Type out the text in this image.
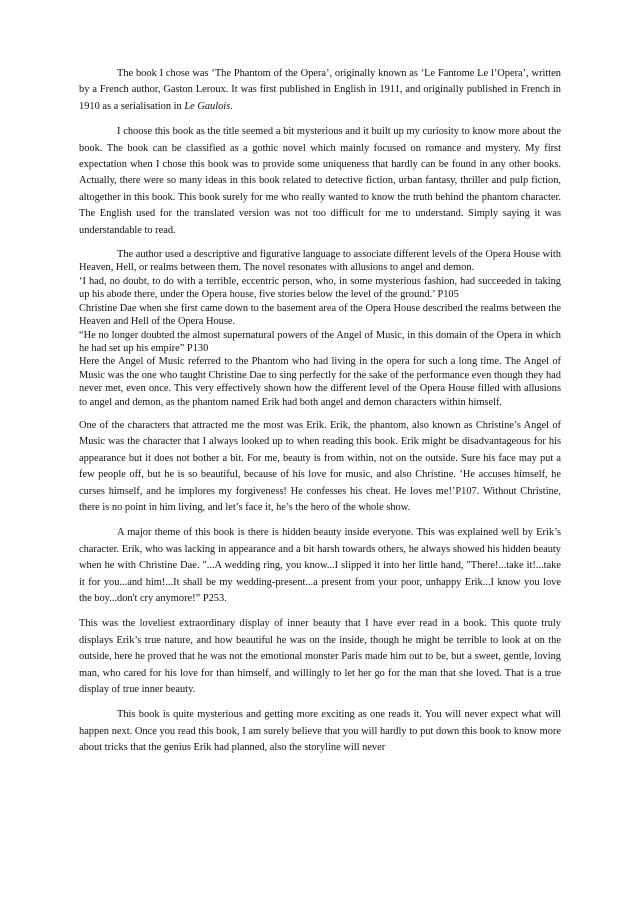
The book I chose was ‘The Phantom of the Opera’, originally known as ‘Le Fantome Le l’Opera’, written by a French author, Gaston Leroux. It was first published in English in 1911, and originally published in French in 1910 as a serialisation in Le Gaulois.

I choose this book as the title seemed a bit mysterious and it built up my curiosity to know more about the book. The book can be classified as a gothic novel which mainly focused on romance and mystery. My first expectation when I chose this book was to provide some uniqueness that hardly can be found in any other books. Actually, there were so many ideas in this book related to detective fiction, urban fantasy, thriller and pulp fiction, altogether in this book. This book surely for me who really wanted to know the truth behind the phantom character. The English used for the translated version was not too difficult for me to understand. Simply saying it was understandable to read.

The author used a descriptive and figurative language to associate different levels of the Opera House with Heaven, Hell, or realms between them. The novel resonates with allusions to angel and demon.
‘I had, no doubt, to do with a terrible, eccentric person, who, in some mysterious fashion, had succeeded in taking up his abode there, under the Opera house, five stories below the level of the ground.’ P105
Christine Dae when she first came down to the basement area of the Opera House described the realms between the Heaven and Hell of the Opera House.
“He no longer doubted the almost supernatural powers of the Angel of Music, in this domain of the Opera in which he had set up his empire” P130
Here the Angel of Music referred to the Phantom who had living in the opera for such a long time. The Angel of Music was the one who taught Christine Dae to sing perfectly for the sake of the performance even though they had never met, even once. This very effectively shown how the different level of the Opera House filled with allusions to angel and demon, as the phantom named Erik had both angel and demon characters within himself.

One of the characters that attracted me the most was Erik. Erik, the phantom, also known as Christine’s Angel of Music was the character that I always looked up to when reading this book. Erik might be disadvantageous for his appearance but it does not bother a bit. For me, beauty is from within, not on the outside. Sure his face may put a few people off, but he is so beautiful, because of his love for music, and also Christine. ‘He accuses himself, he curses himself, and he implores my forgiveness! He confesses his cheat. He loves me!’P107. Without Christine, there is no point in him living, and let’s face it, he’s the hero of the whole show.

A major theme of this book is there is hidden beauty inside everyone. This was explained well by Erik’s character. Erik, who was lacking in appearance and a bit harsh towards others, he always showed his hidden beauty when he with Christine Dae. "...A wedding ring, you know...I slipped it into her little hand, "There!...take it!...take it for you...and him!...It shall be my wedding-present...a present from your poor, unhappy Erik...I know you love the boy...don't cry anymore!” P253.

This was the loveliest extraordinary display of inner beauty that I have ever read in a book. This quote truly displays Erik’s true nature, and how beautiful he was on the inside, though he might be terrible to look at on the outside, here he proved that he was not the emotional monster Paris made him out to be, but a sweet, gentle, loving man, who cared for his love for than himself, and willingly to let her go for the man that she loved. That is a true display of true inner beauty.

This book is quite mysterious and getting more exciting as one reads it. You will never expect what will happen next. Once you read this book, I am surely believe that you will hardly to put down this book to know more about tricks that the genius Erik had planned, also the storyline will never
